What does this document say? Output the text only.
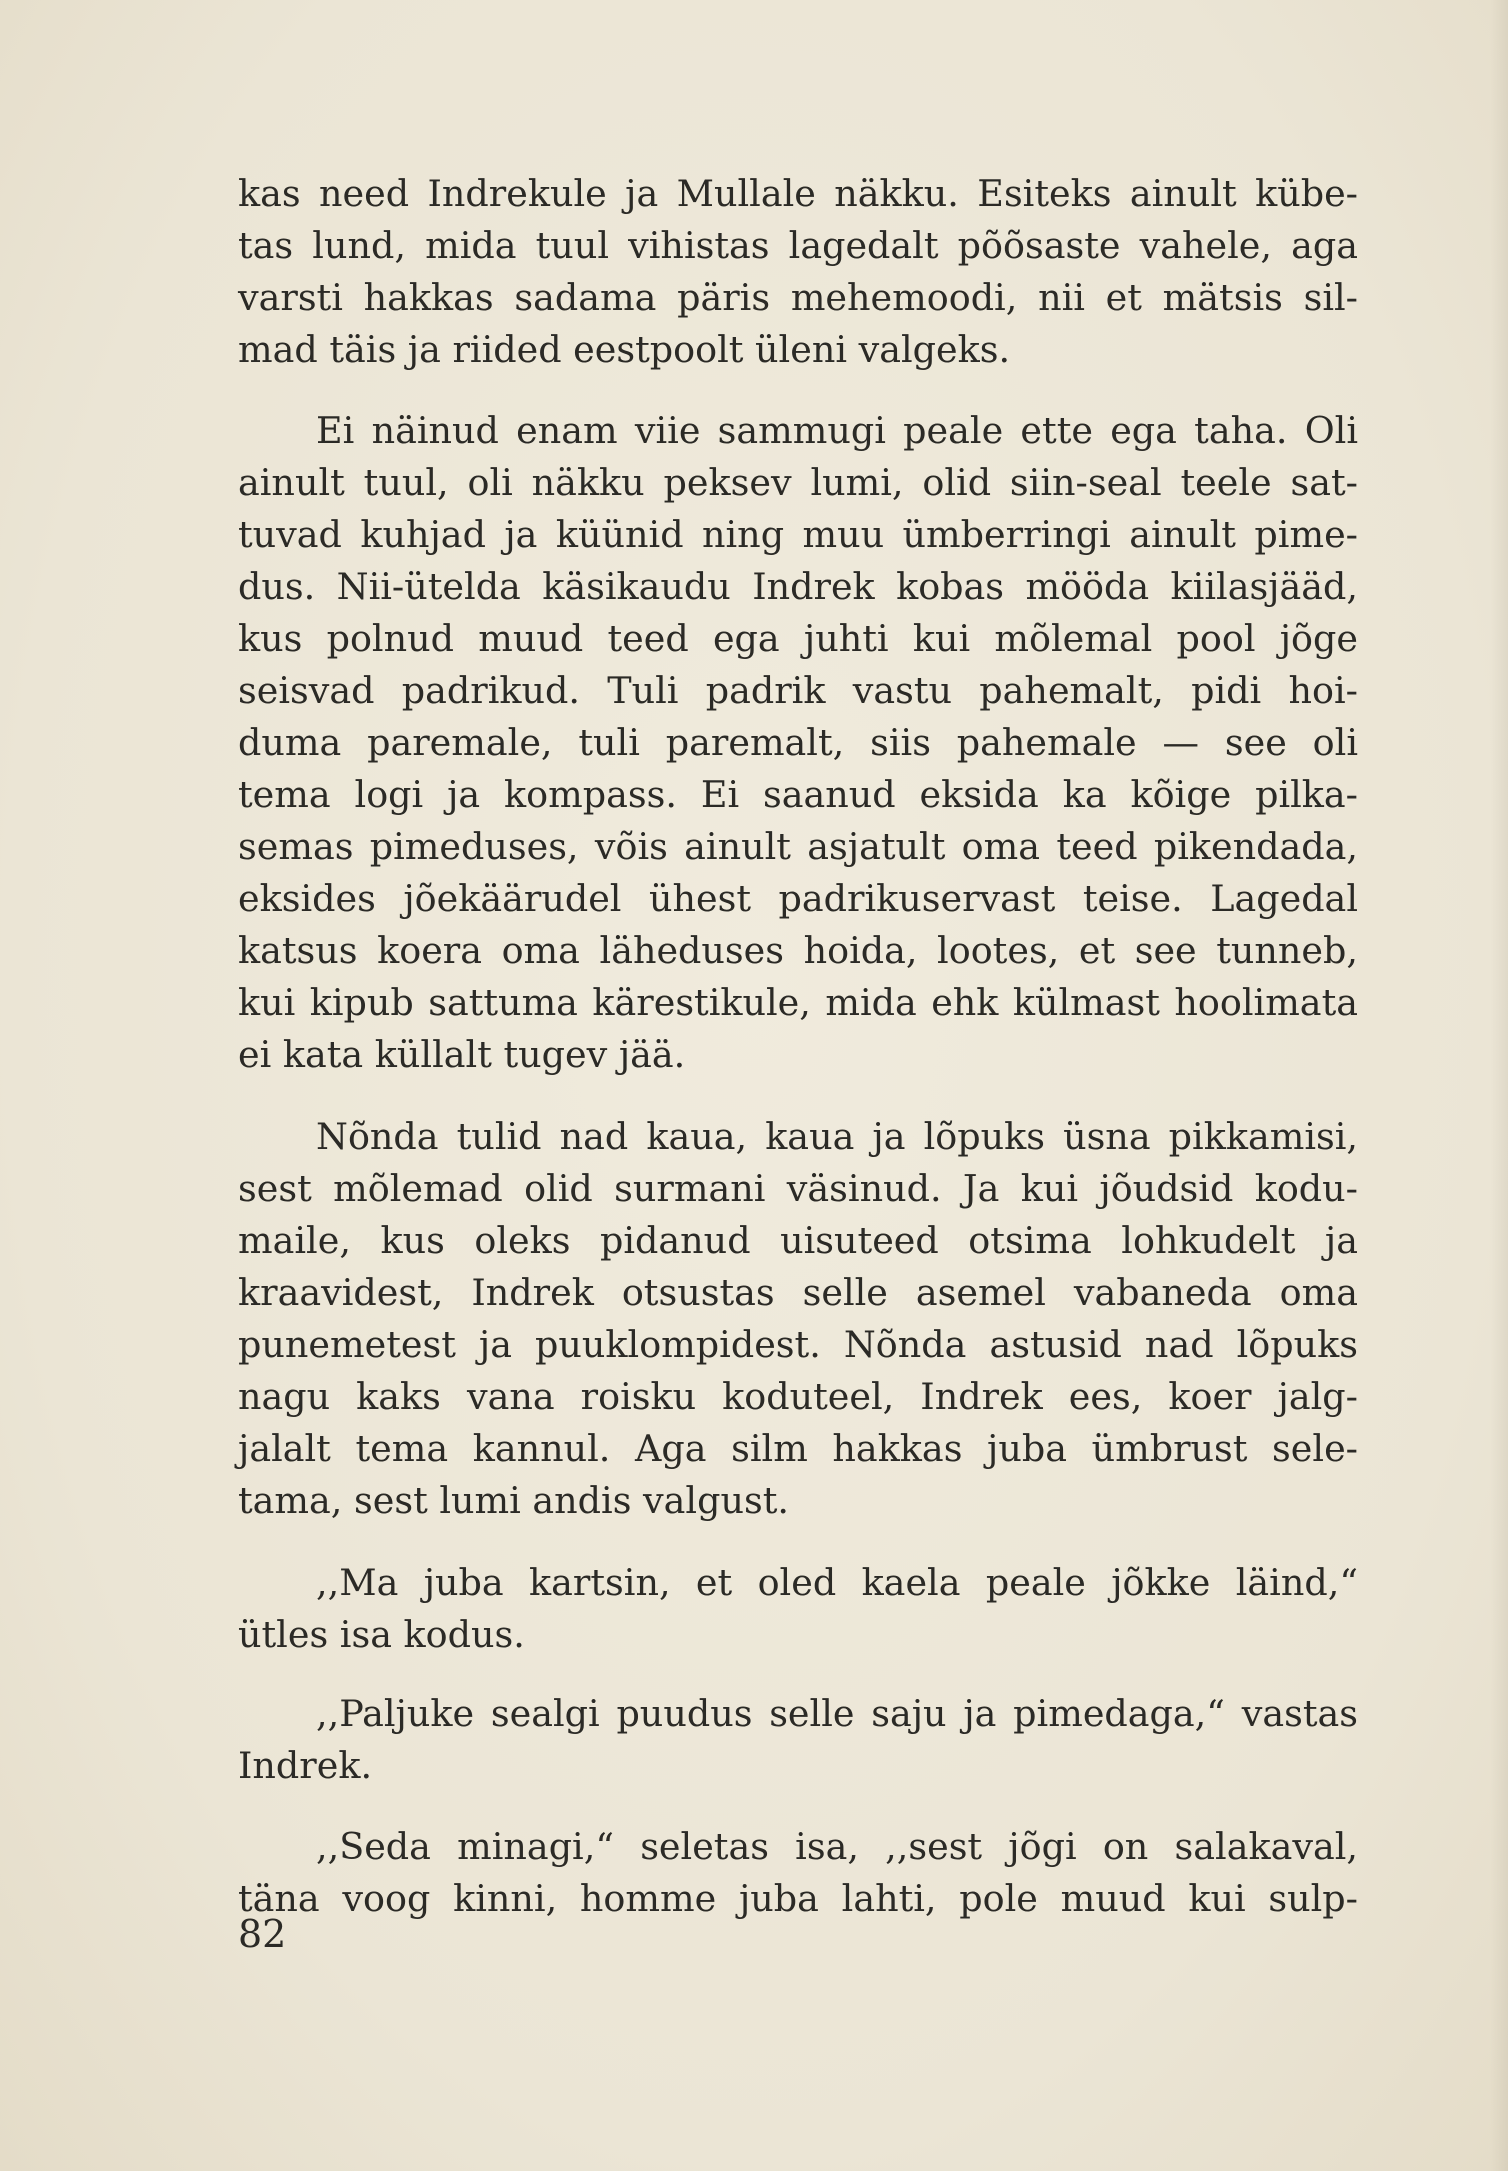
kas need Indrekule ja Mullale näkku. Esiteks ainult kübe-
tas lund, mida tuul vihistas lagedalt põõsaste vahele, aga
varsti hakkas sadama päris mehemoodi, nii et mätsis sil-
mad täis ja riided eestpoolt üleni valgeks.
Ei näinud enam viie sammugi peale ette ega taha. Oli
ainult tuul, oli näkku peksev lumi, olid siin-seal teele sat-
tuvad kuhjad ja küünid ning muu ümberringi ainult pime-
dus. Nii-ütelda käsikaudu Indrek kobas mööda kiilasjääd,
kus polnud muud teed ega juhti kui mõlemal pool jõge
seisvad padrikud. Tuli padrik vastu pahemalt, pidi hoi-
duma paremale, tuli paremalt, siis pahemale — see oli
tema logi ja kompass. Ei saanud eksida ka kõige pilka-
semas pimeduses, võis ainult asjatult oma teed pikendada,
eksides jõekäärudel ühest padrikuservast teise. Lagedal
katsus koera oma läheduses hoida, lootes, et see tunneb,
kui kipub sattuma kärestikule, mida ehk külmast hoolimata
ei kata küllalt tugev jää.
Nõnda tulid nad kaua, kaua ja lõpuks üsna pikkamisi,
sest mõlemad olid surmani väsinud. Ja kui jõudsid kodu-
maile, kus oleks pidanud uisuteed otsima lohkudelt ja
kraavidest, Indrek otsustas selle asemel vabaneda oma
punemetest ja puuklompidest. Nõnda astusid nad lõpuks
nagu kaks vana roisku koduteel, Indrek ees, koer jalg-
jalalt tema kannul. Aga silm hakkas juba ümbrust sele-
tama, sest lumi andis valgust.
,,Ma juba kartsin, et oled kaela peale jõkke läind,“
ütles isa kodus.
,,Paljuke sealgi puudus selle saju ja pimedaga,“ vastas
Indrek.
,,Seda minagi,“ seletas isa, ,,sest jõgi on salakaval,
täna voog kinni, homme juba lahti, pole muud kui sulp-
82
